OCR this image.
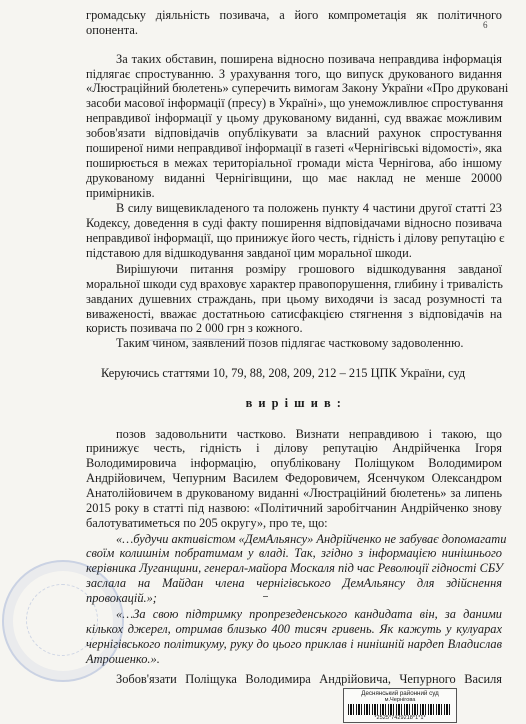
6
громадську діяльність позивача, а його компрометація як політичного
опонента.
За таких обставин, поширена відносно позивача неправдива інформація
підлягає спростуванню. З урахування того, що випуск друкованого видання
«Люстраційний бюлетень» суперечить вимогам Закону України «Про друковані
засоби масової інформації (пресу) в Україні», що унеможливлює спростування
неправдивої інформації у цьому друкованому виданні, суд вважає можливим
зобов'язати відповідачів опублікувати за власний рахунок спростування
поширеної ними неправдивої інформації в газеті «Чернігівські відомості», яка
поширюється в межах територіальної громади міста Чернігова, або іншому
друкованому виданні Чернігівщини, що має наклад не менше 20000
примірників.
В силу вищевикладеного та положень пункту 4 частини другої статті 23
Кодексу, доведення в суді факту поширення відповідачами відносно позивача
неправдивої інформації, що принижує його честь, гідність і ділову репутацію є
підставою для відшкодування завданої цим моральної шкоди.
Вирішуючи питання розміру грошового відшкодування завданої
моральної шкоди суд враховує характер правопорушення, глибину і тривалість
завданих душевних страждань, при цьому виходячи із засад розумності та
виваженості, вважає достатньою сатисфакцією стягнення з відповідачів на
користь позивача по 2 000 грн з кожного.
Таким чином, заявлений позов підлягає частковому задоволенню.
Керуючись статтями 10, 79, 88, 208, 209, 212 – 215 ЦПК України, суд
в и р і ш и в :
позов задовольнити частково. Визнати неправдивою і такою, що
принижує честь, гідність і ділову репутацію Андрійченка Ігоря
Володимировича інформацію, опубліковану Поліщуком Володимиром
Андрійовичем, Чепурним Василем Федоровичем, Ясенчуком Олександром
Анатолійовичем в друкованому виданні «Люстраційний бюлетень» за липень
2015 року в статті під назвою: «Політичний заробітчанин Андрійченко знову
балотуватиметься по 205 округу», про те, що:
«…будучи активістом «ДемАльянсу» Андрійченко не забуває допомагати
своїм колишнім побратимам у владі. Так, згідно з інформацією нинішнього
керівника Луганщини, генерал-майора Москаля під час Революції гідності СБУ
заслала на Майдан члена чернігівського ДемАльянсу для здійснення
провокацій.»;
«…За свою підтримку пропрезеденського кандидата він, за даними
кількох джерел, отримав близько 400 тисяч гривень. Як кажуть у кулуарах
чернігівського політикуму, руку до цього приклав і нинішній нардеп Владислав
Атрошенко.».
Зобов'язати Поліщука Володимира Андрійовича, Чепурного Василя
Деснянський районний суд
м.Чернігова
*2525*7429218*1*1*
